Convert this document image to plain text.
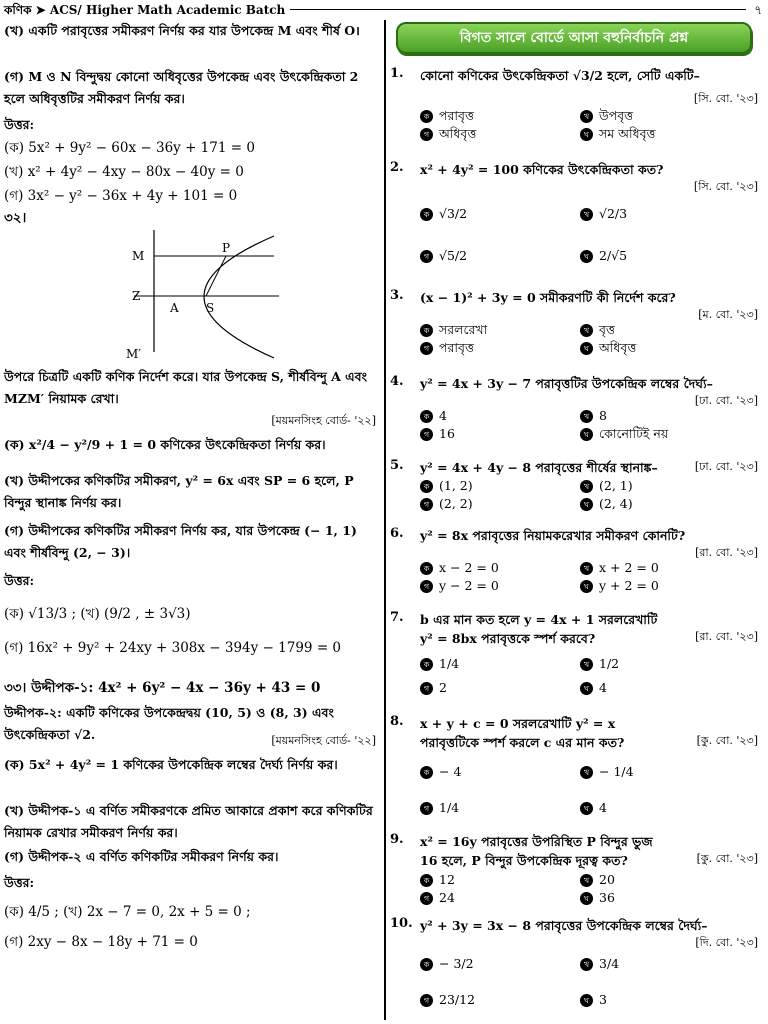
কণিক ➤ ACS/ Higher Math Academic Batch	৭
(খ) একটি পরাবৃত্তের সমীকরণ নির্ণয় কর যার উপকেন্দ্র M এবং শীর্ষ O।
(গ) M ও N বিন্দুদ্বয় কোনো অধিবৃত্তের উপকেন্দ্র এবং উৎকেন্দ্রিকতা 2 হলে অধিবৃত্তটির সমীকরণ নির্ণয় কর।
উত্তর:
(ক) 5x² + 9y² − 60x − 36y + 171 = 0
(খ) x² + 4y² − 4xy − 80x − 40y = 0
(গ) 3x² − y² − 36x + 4y + 101 = 0
৩২।
M
P
Z
A S
M′
উপরে চিত্রটি একটি কণিক নির্দেশ করে। যার উপকেন্দ্র S, শীর্ষবিন্দু A এবং MZM′ নিয়ামক রেখা।
[ময়মনসিংহ বোর্ড- '২২]
(ক) x²/4 − y²/9 + 1 = 0 কণিকের উৎকেন্দ্রিকতা নির্ণয় কর।
(খ) উদ্দীপকের কণিকটির সমীকরণ, y² = 6x এবং SP = 6 হলে, P বিন্দুর স্থানাঙ্ক নির্ণয় কর।
(গ) উদ্দীপকের কণিকটির সমীকরণ নির্ণয় কর, যার উপকেন্দ্র (− 1, 1) এবং শীর্ষবিন্দু (2, − 3)।
উত্তর:
(ক) √13/3 ; (খ) (9/2 , ± 3√3)
(গ) 16x² + 9y² + 24xy + 308x − 394y − 1799 = 0
৩৩। উদ্দীপক-১: 4x² + 6y² − 4x − 36y + 43 = 0
উদ্দীপক-২: একটি কণিকের উপকেন্দ্রদ্বয় (10, 5) ও (8, 3) এবং উৎকেন্দ্রিকতা √2.	[ময়মনসিংহ বোর্ড- '২২]
(ক) 5x² + 4y² = 1 কণিকের উপকেন্দ্রিক লম্বের দৈর্ঘ্য নির্ণয় কর।
(খ) উদ্দীপক-১ এ বর্ণিত সমীকরণকে প্রমিত আকারে প্রকাশ করে কণিকটির নিয়ামক রেখার সমীকরণ নির্ণয় কর।
(গ) উদ্দীপক-২ এ বর্ণিত কণিকটির সমীকরণ নির্ণয় কর।
উত্তর:
(ক) 4/5 ; (খ) 2x − 7 = 0, 2x + 5 = 0 ;
(গ) 2xy − 8x − 18y + 71 = 0
বিগত সালে বোর্ডে আসা বহুনির্বাচনি প্রশ্ন
1. কোনো কণিকের উৎকেন্দ্রিকতা √3/2 হলে, সেটি একটি–
[সি. বো. '২৩]
ক পরাবৃত্ত	খ উপবৃত্ত
গ অধিবৃত্ত	ঘ সম অধিবৃত্ত
2. x² + 4y² = 100 কণিকের উৎকেন্দ্রিকতা কত?
[সি. বো. '২৩]
ক √3/2	খ √2/3
গ √5/2	ঘ 2/√5
3. (x − 1)² + 3y = 0 সমীকরণটি কী নির্দেশ করে?
[ম. বো. '২৩]
ক সরলরেখা	খ বৃত্ত
গ পরাবৃত্ত	ঘ অধিবৃত্ত
4. y² = 4x + 3y − 7 পরাবৃত্তটির উপকেন্দ্রিক লম্বের দৈর্ঘ্য–
[ঢা. বো. '২৩]
ক 4	খ 8
গ 16	ঘ কোনোটিই নয়
5. y² = 4x + 4y − 8 পরাবৃত্তের শীর্ষের স্থানাঙ্ক–	[ঢা. বো. '২৩]
ক (1, 2)	খ (2, 1)
গ (2, 2)	ঘ (2, 4)
6. y² = 8x পরাবৃত্তের নিয়ামকরেখার সমীকরণ কোনটি?
[রা. বো. '২৩]
ক x − 2 = 0	খ x + 2 = 0
গ y − 2 = 0	ঘ y + 2 = 0
7. b এর মান কত হলে y = 4x + 1 সরলরেখাটি y² = 8bx পরাবৃত্তকে স্পর্শ করবে?	[রা. বো. '২৩]
ক 1/4	খ 1/2
গ 2	ঘ 4
8. x + y + c = 0 সরলরেখাটি y² = x পরাবৃত্তটিকে স্পর্শ করলে c এর মান কত?	[কু. বো. '২৩]
ক − 4	খ − 1/4
গ 1/4	ঘ 4
9. x² = 16y পরাবৃত্তের উপরিস্থিত P বিন্দুর ভুজ 16 হলে, P বিন্দুর উপকেন্দ্রিক দূরত্ব কত?	[কু. বো. '২৩]
ক 12	খ 20
গ 24	ঘ 36
10. y² + 3y = 3x − 8 পরাবৃত্তের উপকেন্দ্রিক লম্বের দৈর্ঘ্য–
[দি. বো. '২৩]
ক − 3/2	খ 3/4
গ 23/12	ঘ 3
